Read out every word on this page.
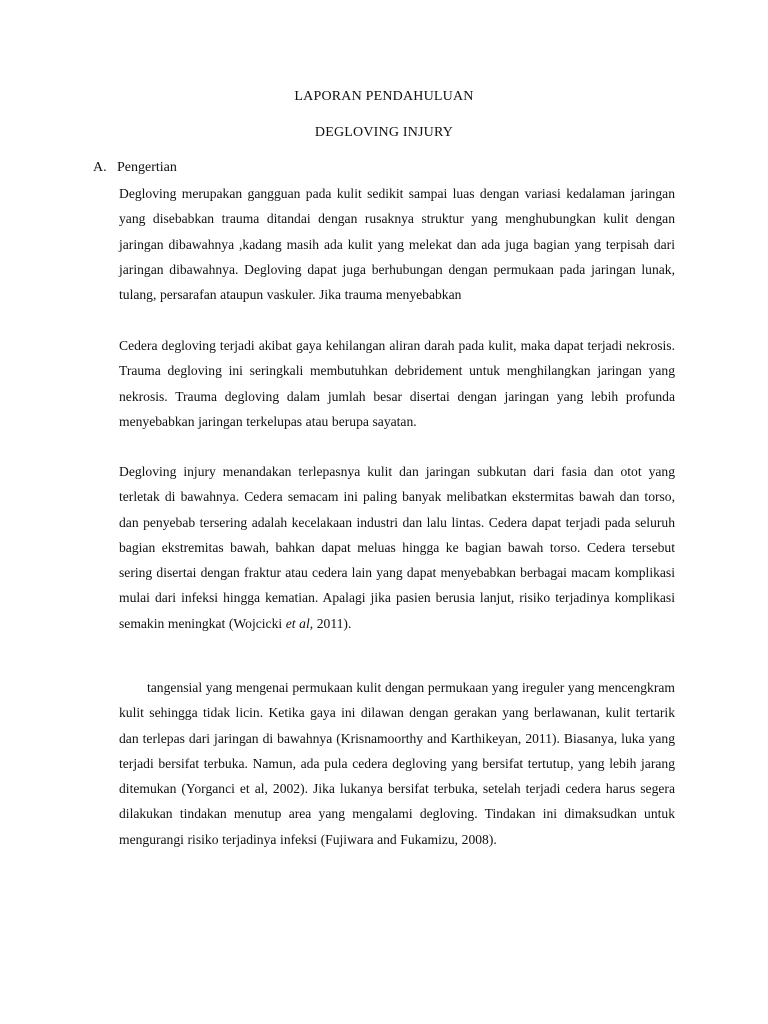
LAPORAN PENDAHULUAN
DEGLOVING INJURY
A. Pengertian
Degloving merupakan gangguan pada kulit sedikit sampai luas dengan variasi kedalaman jaringan yang disebabkan trauma ditandai dengan rusaknya struktur yang menghubungkan kulit dengan jaringan dibawahnya ,kadang masih ada kulit yang melekat dan ada juga bagian yang terpisah dari jaringan dibawahnya. Degloving dapat juga berhubungan dengan permukaan pada jaringan lunak, tulang, persarafan ataupun vaskuler. Jika trauma menyebabkan
Cedera degloving terjadi akibat gaya kehilangan aliran darah pada kulit, maka dapat terjadi nekrosis. Trauma degloving ini seringkali membutuhkan debridement untuk menghilangkan jaringan yang nekrosis. Trauma degloving dalam jumlah besar disertai dengan jaringan yang lebih profunda menyebabkan jaringan terkelupas atau berupa sayatan.
Degloving injury menandakan terlepasnya kulit dan jaringan subkutan dari fasia dan otot yang terletak di bawahnya. Cedera semacam ini paling banyak melibatkan ekstermitas bawah dan torso, dan penyebab tersering adalah kecelakaan industri dan lalu lintas. Cedera dapat terjadi pada seluruh bagian ekstremitas bawah, bahkan dapat meluas hingga ke bagian bawah torso. Cedera tersebut sering disertai dengan fraktur atau cedera lain yang dapat menyebabkan berbagai macam komplikasi mulai dari infeksi hingga kematian. Apalagi jika pasien berusia lanjut, risiko terjadinya komplikasi semakin meningkat (Wojcicki et al, 2011).
tangensial yang mengenai permukaan kulit dengan permukaan yang ireguler yang mencengkram kulit sehingga tidak licin. Ketika gaya ini dilawan dengan gerakan yang berlawanan, kulit tertarik dan terlepas dari jaringan di bawahnya (Krisnamoorthy and Karthikeyan, 2011). Biasanya, luka yang terjadi bersifat terbuka. Namun, ada pula cedera degloving yang bersifat tertutup, yang lebih jarang ditemukan (Yorganci et al, 2002). Jika lukanya bersifat terbuka, setelah terjadi cedera harus segera dilakukan tindakan menutup area yang mengalami degloving. Tindakan ini dimaksudkan untuk mengurangi risiko terjadinya infeksi (Fujiwara and Fukamizu, 2008).
